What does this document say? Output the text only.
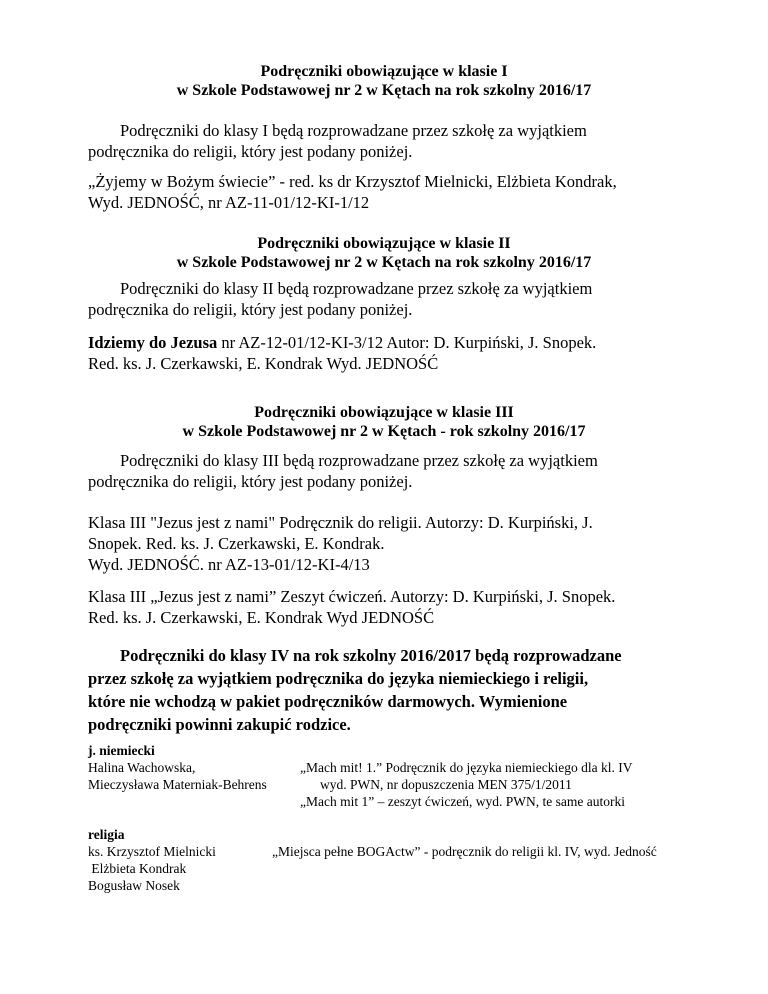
Podręczniki obowiązujące w klasie I
w Szkole Podstawowej nr 2 w Kętach na rok szkolny 2016/17
Podręczniki do klasy I będą rozprowadzane przez szkołę za wyjątkiem
podręcznika do religii, który jest podany poniżej.
„Żyjemy w Bożym świecie” - red. ks dr Krzysztof Mielnicki, Elżbieta Kondrak,
Wyd. JEDNOŚĆ, nr AZ-11-01/12-KI-1/12
Podręczniki obowiązujące w klasie II
w Szkole Podstawowej nr 2 w Kętach na rok szkolny 2016/17
Podręczniki do klasy II będą rozprowadzane przez szkołę za wyjątkiem
podręcznika do religii, który jest podany poniżej.
Idziemy do Jezusa nr AZ-12-01/12-KI-3/12 Autor: D. Kurpiński, J. Snopek.
Red. ks. J. Czerkawski, E. Kondrak Wyd. JEDNOŚĆ
Podręczniki obowiązujące w klasie III
w Szkole Podstawowej nr 2 w Kętach - rok szkolny 2016/17
Podręczniki do klasy III będą rozprowadzane przez szkołę za wyjątkiem
podręcznika do religii, który jest podany poniżej.
Klasa III "Jezus jest z nami" Podręcznik do religii. Autorzy: D. Kurpiński, J.
Snopek. Red. ks. J. Czerkawski, E. Kondrak.
Wyd. JEDNOŚĆ. nr AZ-13-01/12-KI-4/13
Klasa III „Jezus jest z nami” Zeszyt ćwiczeń. Autorzy: D. Kurpiński, J. Snopek.
Red. ks. J. Czerkawski, E. Kondrak Wyd JEDNOŚĆ
Podręczniki do klasy IV na rok szkolny 2016/2017 będą rozprowadzane
przez szkołę za wyjątkiem podręcznika do języka niemieckiego i religii,
które nie wchodzą w pakiet podręczników darmowych. Wymienione
podręczniki powinni zakupić rodzice.
j. niemiecki
Halina Wachowska,
Mieczysława Materniak-Behrens
„Mach mit! 1.” Podręcznik do języka niemieckiego dla kl. IV
wyd. PWN, nr dopuszczenia MEN 375/1/2011
„Mach mit 1” – zeszyt ćwiczeń, wyd. PWN, te same autorki
religia
ks. Krzysztof Mielnicki
Elżbieta Kondrak
Bogusław Nosek
„Miejsca pełne BOGActw” - podręcznik do religii kl. IV, wyd. Jedność
